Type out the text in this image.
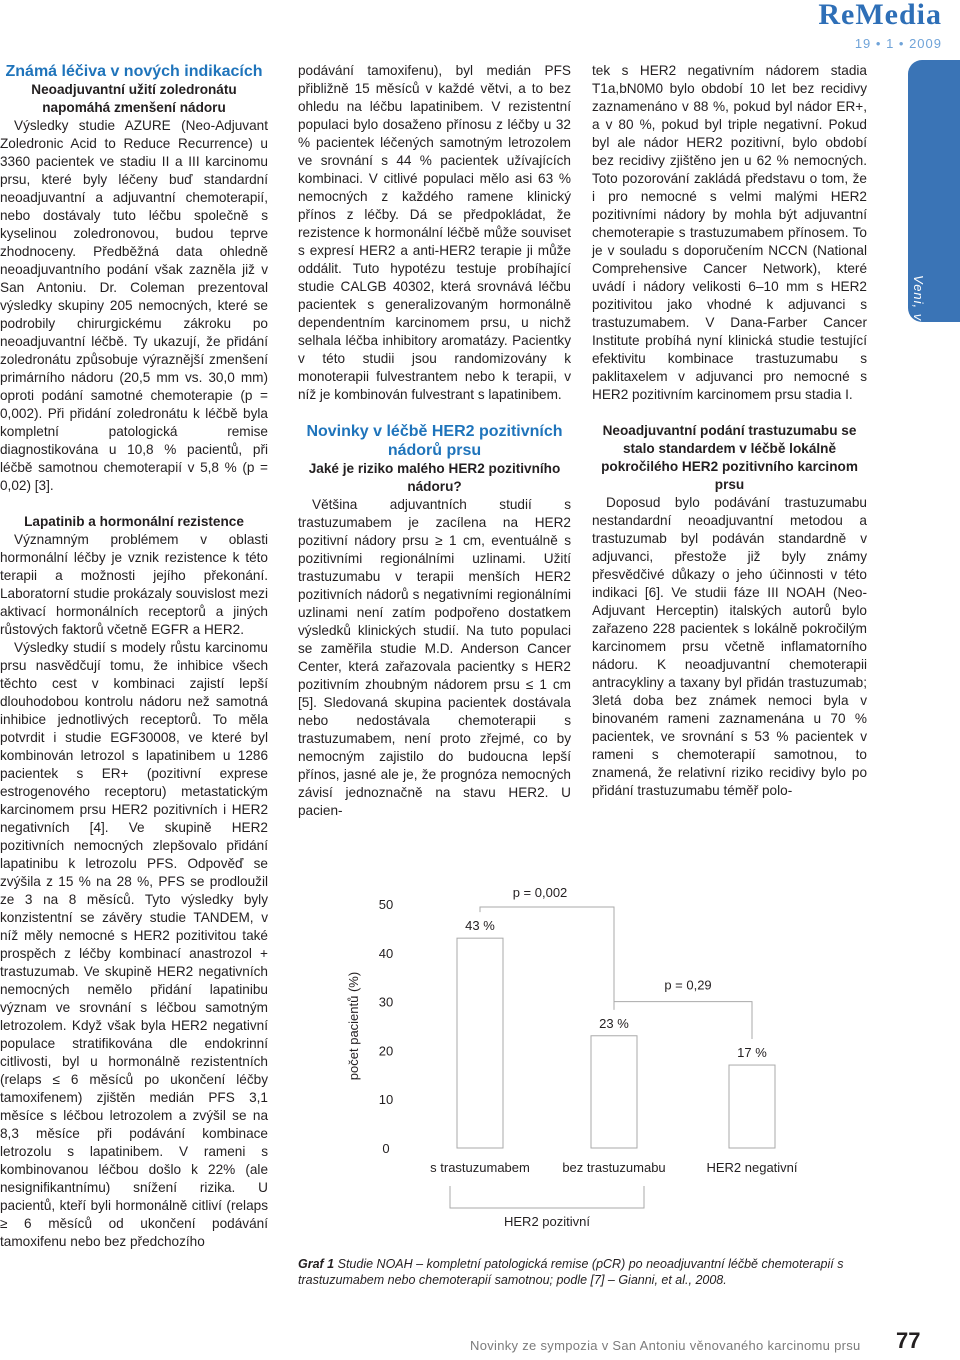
ReMedia
19 • 1 • 2009
Veni, vidi ...

Známá léčiva v nových indikacích

Neoadjuvantní užití zoledronátu napomáhá zmenšení nádoru

Výsledky studie AZURE (Neo-Adjuvant Zoledronic Acid to Reduce Recurrence) u 3360 pacientek ve stadiu II a III karcinomu prsu, které byly léčeny buď standardní neoadjuvantní a adjuvantní chemoterapií, nebo dostávaly tuto léčbu společně s kyselinou zoledronovou, budou teprve zhodnoceny. Předběžná data ohledně neoadjuvantního podání však zazněla již v San Antoniu. Dr. Coleman prezentoval výsledky skupiny 205 nemocných, které se podrobily chirurgickému zákroku po neoadjuvantní léčbě. Ty ukazují, že přidání zoledronátu způsobuje výraznější zmenšení primárního nádoru (20,5 mm vs. 30,0 mm) oproti podání samotné chemoterapie (p = 0,002). Při přidání zoledronátu k léčbě byla kompletní patologická remise diagnostikována u 10,8 % pacientů, při léčbě samotnou chemoterapií v 5,8 % (p = 0,02) [3].

Lapatinib a hormonální rezistence

Významným problémem v oblasti hormonální léčby je vznik rezistence k této terapii a možnosti jejího překonání. Laboratorní studie prokázaly souvislost mezi aktivací hormonálních receptorů a jiných růstových faktorů včetně EGFR a HER2.

Výsledky studií s modely růstu karcinomu prsu nasvědčují tomu, že inhibice všech těchto cest v kombinaci zajistí lepší dlouhodobou kontrolu nádoru než samotná inhibice jednotlivých receptorů. To měla potvrdit i studie EGF30008, ve které byl kombinován letrozol s lapatinibem u 1286 pacientek s ER+ (pozitivní exprese estrogenového receptoru) metastatickým karcinomem prsu HER2 pozitivních i HER2 negativních [4]. Ve skupině HER2 pozitivních nemocných zlepšovalo přidání lapatinibu k letrozolu PFS. Odpověď se zvýšila z 15 % na 28 %, PFS se prodloužil ze 3 na 8 měsíců. Tyto výsledky byly konzistentní se závěry studie TANDEM, v níž měly nemocné s HER2 pozitivitou také prospěch z léčby kombinací anastrozol + trastuzumab. Ve skupině HER2 negativních nemocných nemělo přidání lapatinibu význam ve srovnání s léčbou samotným letrozolem. Když však byla HER2 negativní populace stratifikována dle endokrinní citlivosti, byl u hormonálně rezistentních (relaps ≤ 6 měsíců po ukončení léčby tamoxifenem) zjištěn medián PFS 3,1 měsíce s léčbou letrozolem a zvýšil se na 8,3 měsíce při podávání kombinace letrozolu s lapatinibem. V rameni s kombinovanou léčbou došlo k 22% (ale nesignifikantnímu) snížení rizika. U pacientů, kteří byli hormonálně citliví (relaps ≥ 6 měsíců od ukončení podávání tamoxifenu nebo bez předchozího

podávání tamoxifenu), byl medián PFS přibližně 15 měsíců v každé větvi, a to bez ohledu na léčbu lapatinibem. V rezistentní populaci bylo dosaženo přínosu z léčby u 32 % pacientek léčených samotným letrozolem ve srovnání s 44 % pacientek užívajících kombinaci. V citlivé populaci mělo asi 63 % nemocných z každého ramene klinický přínos z léčby. Dá se předpokládat, že rezistence k hormonální léčbě může souviset s expresí HER2 a anti-HER2 terapie ji může oddálit. Tuto hypotézu testuje probíhající studie CALGB 40302, která srovnává léčbu pacientek s generalizovaným hormonálně dependentním karcinomem prsu, u nichž selhala léčba inhibitory aromatázy. Pacientky v této studii jsou randomizovány k monoterapii fulvestrantem nebo k terapii, v níž je kombinován fulvestrant s lapatinibem.

Novinky v léčbě HER2 pozitivních nádorů prsu

Jaké je riziko malého HER2 pozitivního nádoru?

Většina adjuvantních studií s trastuzumabem je zacílena na HER2 pozitivní nádory prsu ≥ 1 cm, eventuálně s pozitivními regionálními uzlinami. Užití trastuzumabu v terapii menších HER2 pozitivních nádorů s negativními regionálními uzlinami není zatím podpořeno dostatkem výsledků klinických studií. Na tuto populaci se zaměřila studie M.D. Anderson Cancer Center, která zařazovala pacientky s HER2 pozitivním zhoubným nádorem prsu ≤ 1 cm [5]. Sledovaná skupina pacientek dostávala nebo nedostávala chemoterapii s trastuzumabem, není proto zřejmé, co by nemocným zajistilo do budoucna lepší přínos, jasné ale je, že prognóza nemocných závisí jednoznačně na stavu HER2. U pacien-

tek s HER2 negativním nádorem stadia T1a,bN0M0 bylo období 10 let bez recidivy zaznamenáno v 88 %, pokud byl nádor ER+, a v 80 %, pokud byl triple negativní. Pokud byl ale nádor HER2 pozitivní, bylo období bez recidivy zjištěno jen u 62 % nemocných. Toto pozorování zakládá představu o tom, že i pro nemocné s velmi malými HER2 pozitivními nádory by mohla být adjuvantní chemoterapie s trastuzumabem přínosem. To je v souladu s doporučením NCCN (National Comprehensive Cancer Network), které uvádí i nádory velikosti 6–10 mm s HER2 pozitivitou jako vhodné k adjuvanci s trastuzumabem. V Dana-Farber Cancer Institute probíhá nyní klinická studie testující efektivitu kombinace trastuzumabu s paklitaxelem v adjuvanci pro nemocné s HER2 pozitivním karcinomem prsu stadia I.

Neoadjuvantní podání trastuzumabu se stalo standardem v léčbě lokálně pokročilého HER2 pozitivního karcinom prsu

Doposud bylo podávání trastuzumabu nestandardní neoadjuvantní metodou a trastuzumab byl podáván standardně v adjuvanci, přestože již byly známy přesvědčivé důkazy o jeho účinnosti v této indikaci [6]. Ve studii fáze III NOAH (Neo-Adjuvant Herceptin) italských autorů bylo zařazeno 228 pacientek s lokálně pokročilým karcinomem prsu včetně inflamatorního nádoru. K neoadjuvantní chemoterapii antracykliny a taxany byl přidán trastuzumab; 3letá doba bez známek nemoci byla v binovaném rameni zaznamenána u 70 % pacientek, ve srovnání s 53 % pacientek v rameni s chemoterapií samotnou, to znamená, že relativní riziko recidivy bylo po přidání trastuzumabu téměř polo-

počet pacientů (%)
0
10
20
30
40
50
43 %
s trastuzumabem
23 %
bez trastuzumabu
17 %
HER2 negativní
p = 0,002
p = 0,29
HER2 pozitivní
Graf 1 Studie NOAH – kompletní patologická remise (pCR) po neoadjuvantní léčbě chemoterapií s trastuzumabem nebo chemoterapií samotnou; podle [7] – Gianni, et al., 2008.
Novinky ze sympozia v San Antoniu věnovaného karcinomu prsu 77
